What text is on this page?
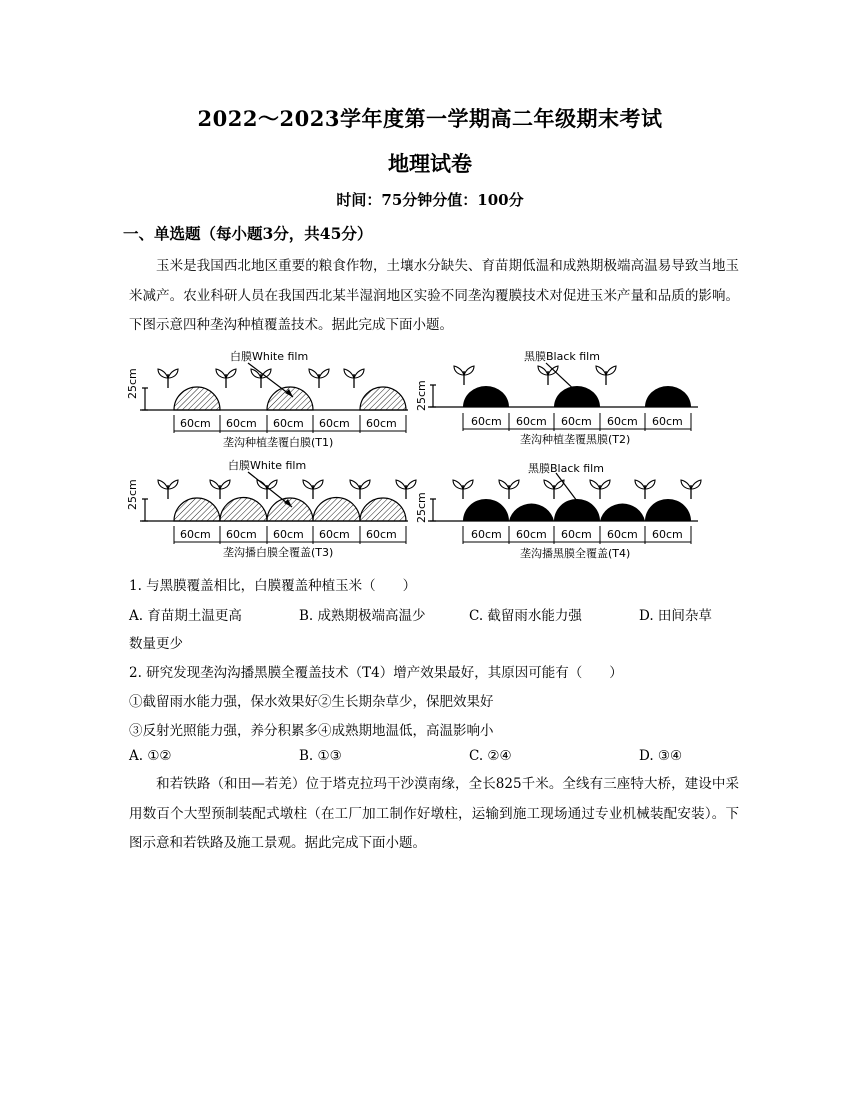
2022～2023学年度第一学期高二年级期末考试
地理试卷
时间：75分钟分值：100分
一、单选题（每小题3分，共45分）
玉米是我国西北地区重要的粮食作物，土壤水分缺失、育苗期低温和成熟期极端高温易导致当地玉米减产。农业科研人员在我国西北某半湿润地区实验不同垄沟覆膜技术对促进玉米产量和品质的影响。下图示意四种垄沟种植覆盖技术。据此完成下面小题。
25cm
白膜White film
60cm 60cm 60cm 60cm 60cm
垄沟种植垄覆白膜(T1)
25cm
黑膜Black film
60cm 60cm 60cm 60cm 60cm
垄沟种植垄覆黑膜(T2)
25cm
白膜White film
60cm 60cm 60cm 60cm 60cm
垄沟播白膜全覆盖(T3)
25cm
黑膜Black film
60cm 60cm 60cm 60cm 60cm
垄沟播黑膜全覆盖(T4)
1. 与黑膜覆盖相比，白膜覆盖种植玉米（　　）
A. 育苗期土温更高	B. 成熟期极端高温少	C. 截留雨水能力强	D. 田间杂草
数量更少
2. 研究发现垄沟沟播黑膜全覆盖技术（T4）增产效果最好，其原因可能有（　　）
①截留雨水能力强，保水效果好②生长期杂草少，保肥效果好
③反射光照能力强，养分积累多④成熟期地温低，高温影响小
A. ①②	B. ①③	C. ②④	D. ③④
和若铁路（和田—若羌）位于塔克拉玛干沙漠南缘，全长825千米。全线有三座特大桥，建设中采用数百个大型预制装配式墩柱（在工厂加工制作好墩柱，运输到施工现场通过专业机械装配安装）。下图示意和若铁路及施工景观。据此完成下面小题。
